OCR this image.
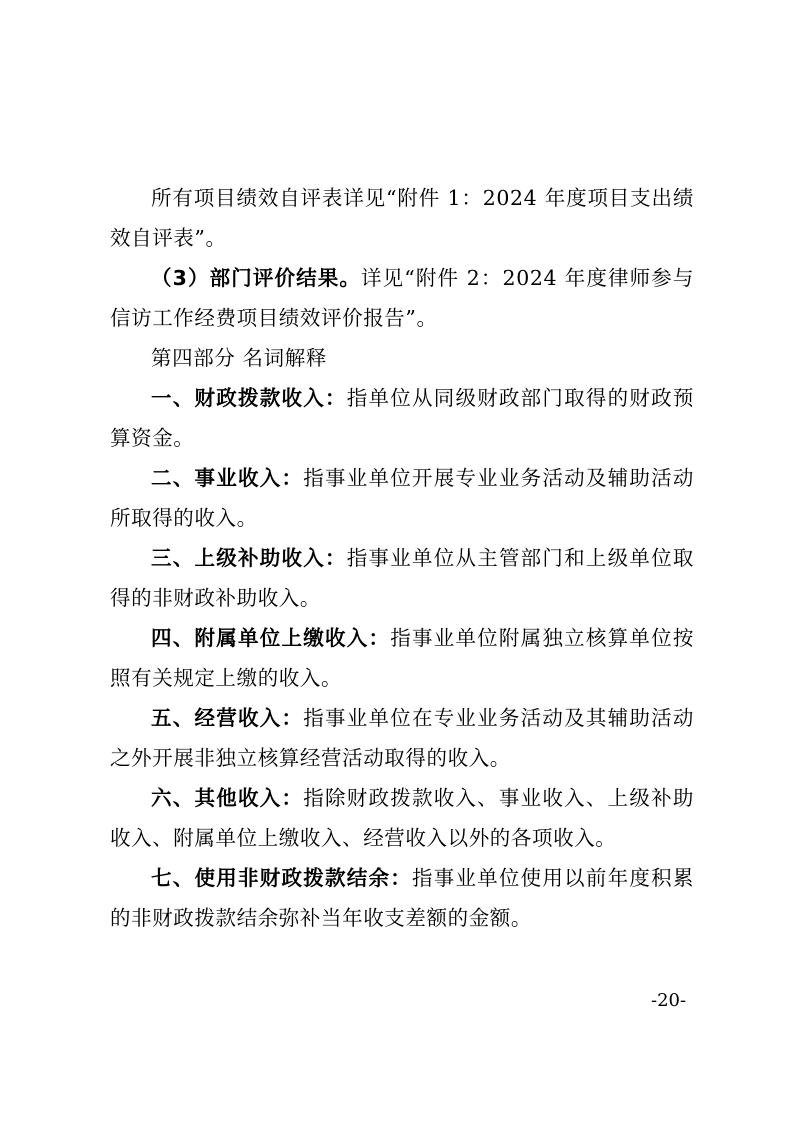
所有项目绩效自评表详见“附件 1：2024 年度项目支出绩效自评表”。

（3）部门评价结果。详见“附件 2：2024 年度律师参与信访工作经费项目绩效评价报告”。

第四部分 名词解释

一、财政拨款收入：指单位从同级财政部门取得的财政预算资金。

二、事业收入：指事业单位开展专业业务活动及辅助活动所取得的收入。

三、上级补助收入：指事业单位从主管部门和上级单位取得的非财政补助收入。

四、附属单位上缴收入：指事业单位附属独立核算单位按照有关规定上缴的收入。

五、经营收入：指事业单位在专业业务活动及其辅助活动之外开展非独立核算经营活动取得的收入。

六、其他收入：指除财政拨款收入、事业收入、上级补助收入、附属单位上缴收入、经营收入以外的各项收入。

七、使用非财政拨款结余：指事业单位使用以前年度积累的非财政拨款结余弥补当年收支差额的金额。

-20-
